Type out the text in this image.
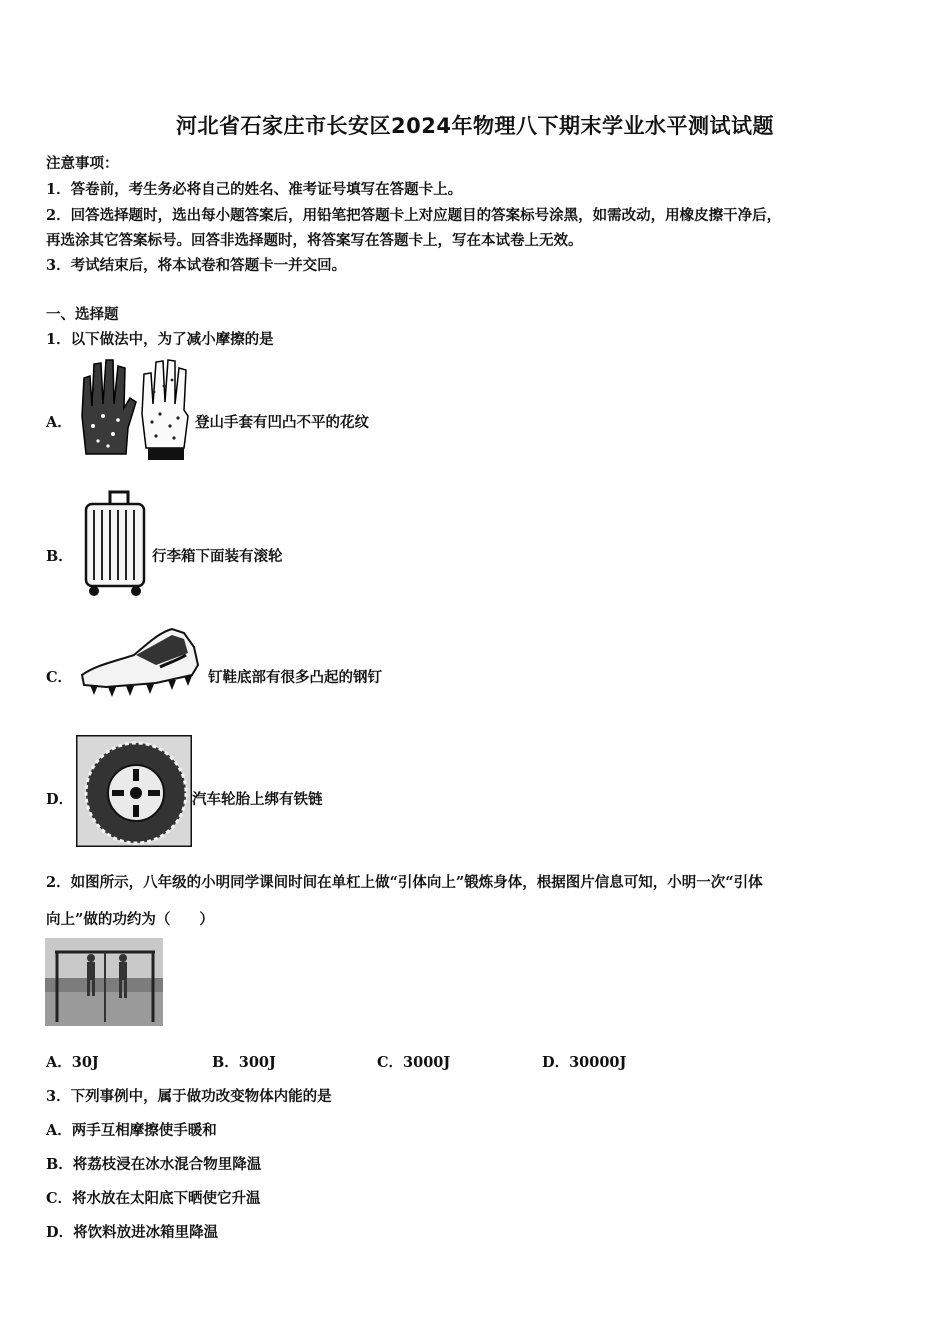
河北省石家庄市长安区2024年物理八下期末学业水平测试试题
注意事项：
1．答卷前，考生务必将自己的姓名、准考证号填写在答题卡上。
2．回答选择题时，选出每小题答案后，用铅笔把答题卡上对应题目的答案标号涂黑，如需改动，用橡皮擦干净后，
再选涂其它答案标号。回答非选择题时，将答案写在答题卡上，写在本试卷上无效。
3．考试结束后，将本试卷和答题卡一并交回。
一、选择题
1．以下做法中，为了减小摩擦的是
A．	登山手套有凹凸不平的花纹
B．	行李箱下面装有滚轮
C．	钉鞋底部有很多凸起的钢钉
D．	汽车轮胎上绑有铁链
2．如图所示，八年级的小明同学课间时间在单杠上做“引体向上”锻炼身体，根据图片信息可知，小明一次“引体
向上”做的功约为（　　）
A．30J	B．300J	C．3000J	D．30000J
3．下列事例中，属于做功改变物体内能的是
A．两手互相摩擦使手暖和
B．将荔枝浸在冰水混合物里降温
C．将水放在太阳底下晒使它升温
D．将饮料放进冰箱里降温
